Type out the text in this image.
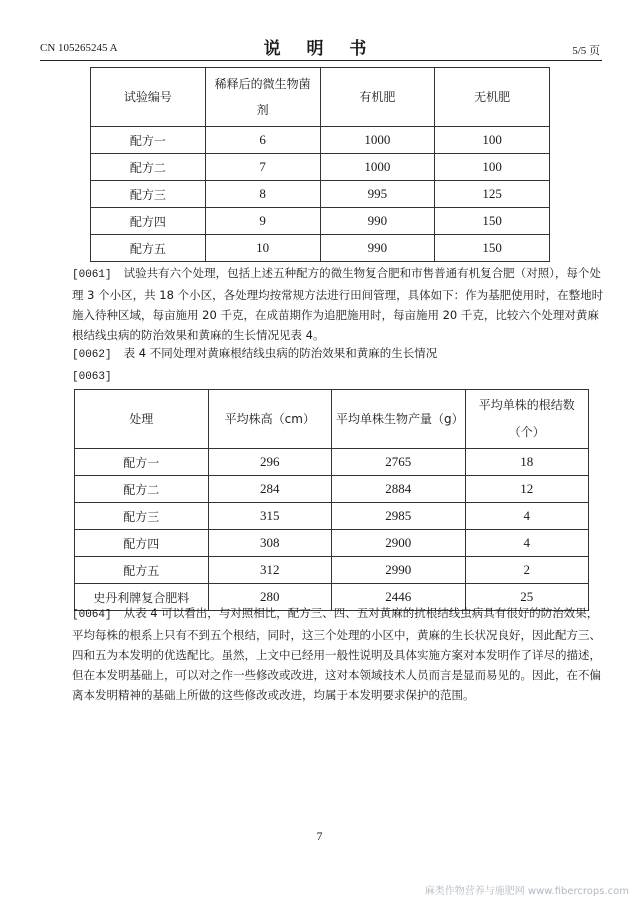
CN 105265245 A	说 明 书	5/5 页
试验编号	稀释后的微生物菌剂	有机肥	无机肥
配方一	6	1000	100
配方二	7	1000	100
配方三	8	995	125
配方四	9	990	150
配方五	10	990	150
[0061] 试验共有六个处理，包括上述五种配方的微生物复合肥和市售普通有机复合肥（对照），每个处理 3 个小区，共 18 个小区，各处理均按常规方法进行田间管理，具体如下：作为基肥使用时，在整地时施入待种区域，每亩施用 20 千克，在成苗期作为追肥施用时，每亩施用 20 千克，比较六个处理对黄麻根结线虫病的防治效果和黄麻的生长情况见表 4。
[0062] 表 4 不同处理对黄麻根结线虫病的防治效果和黄麻的生长情况
[0063]
处理	平均株高（cm）	平均单株生物产量（g）	平均单株的根结数（个）
配方一	296	2765	18
配方二	284	2884	12
配方三	315	2985	4
配方四	308	2900	4
配方五	312	2990	2
史丹利牌复合肥料	280	2446	25
[0064] 从表 4 可以看出，与对照相比，配方三、四、五对黄麻的抗根结线虫病具有很好的防治效果，平均每株的根系上只有不到五个根结，同时，这三个处理的小区中，黄麻的生长状况良好，因此配方三、四和五为本发明的优选配比。虽然，上文中已经用一般性说明及具体实施方案对本发明作了详尽的描述，但在本发明基础上，可以对之作一些修改或改进，这对本领域技术人员而言是显而易见的。因此，在不偏离本发明精神的基础上所做的这些修改或改进，均属于本发明要求保护的范围。
7
麻类作物营养与施肥网 www.fibercrops.com
